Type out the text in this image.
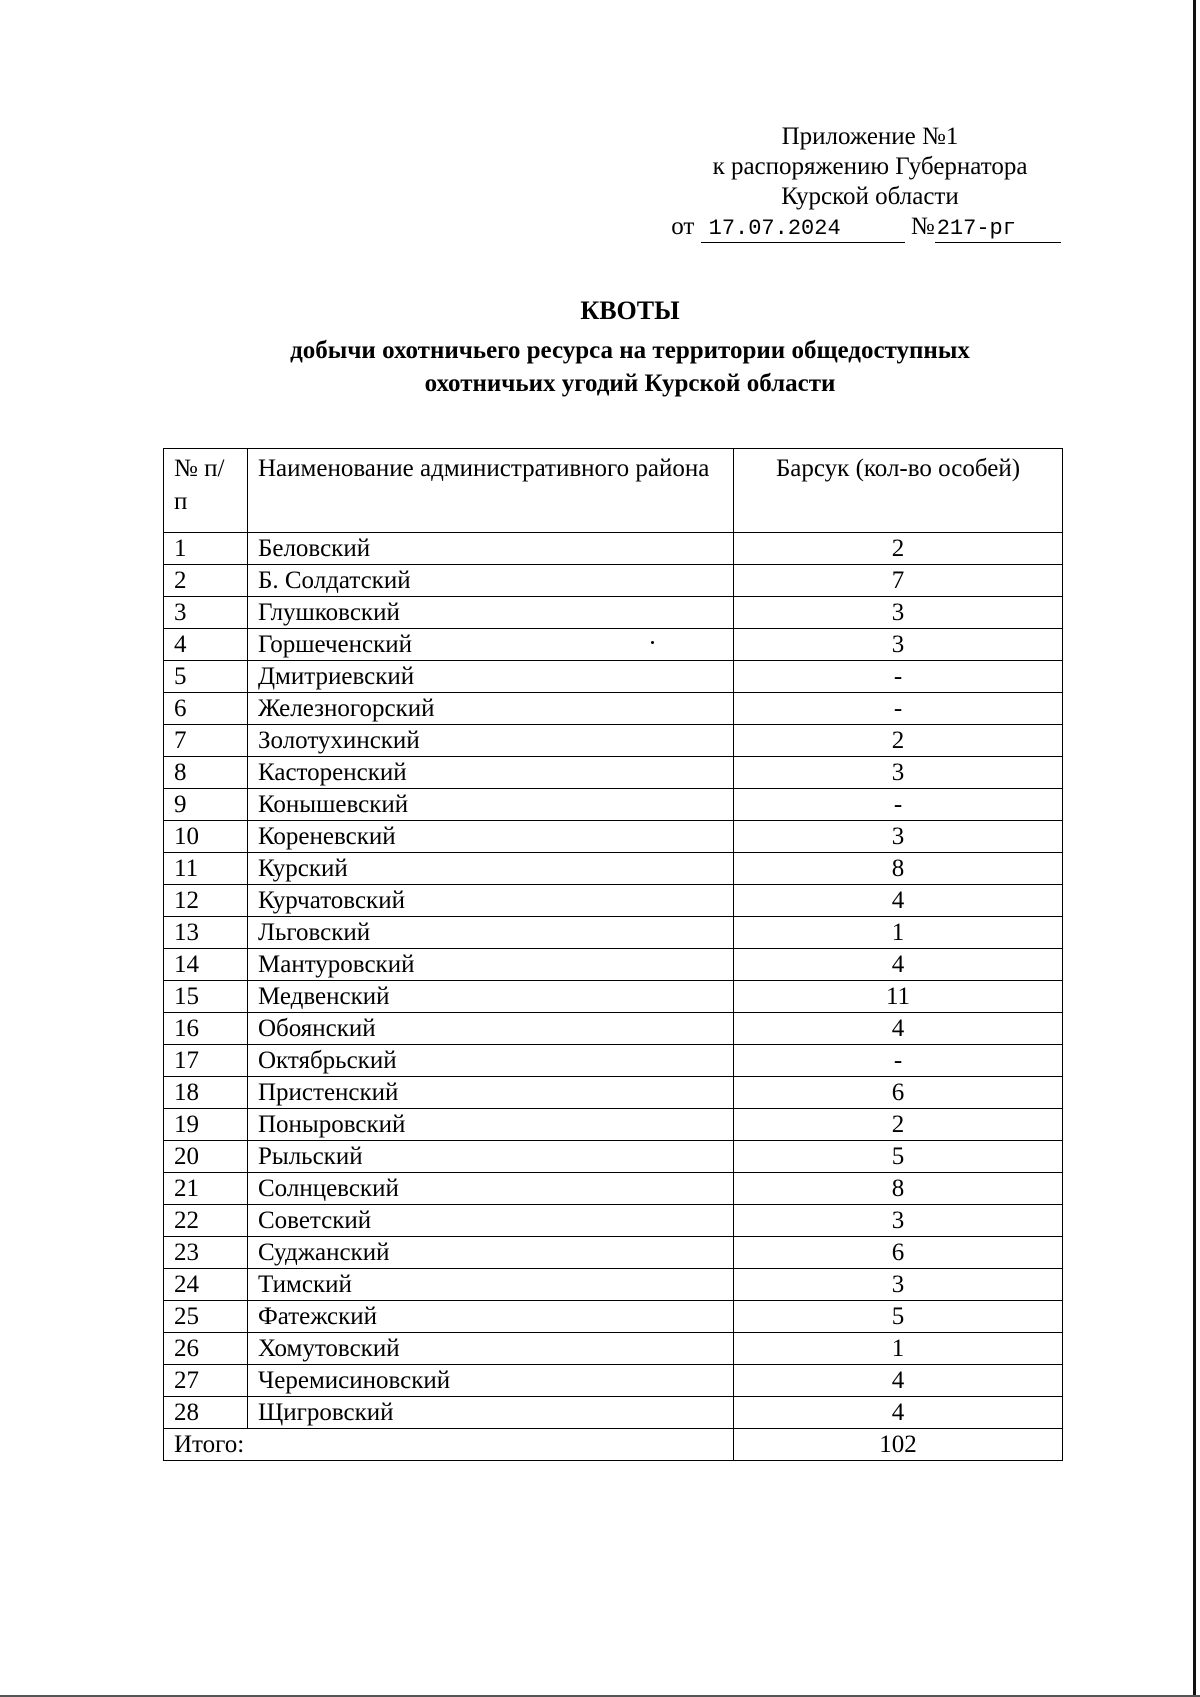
Приложение №1
к распоряжению Губернатора
Курской области
от 17.07.2024	№217-рг
КВОТЫ
добычи охотничьего ресурса на территории общедоступных
охотничьих угодий Курской области
№ п/п	Наименование административного района	Барсук (кол-во особей)
1	Беловский	2
2	Б. Солдатский	7
3	Глушковский	3
4	Горшеченский	3
5	Дмитриевский	-
6	Железногорский	-
7	Золотухинский	2
8	Касторенский	3
9	Конышевский	-
10	Кореневский	3
11	Курский	8
12	Курчатовский	4
13	Льговский	1
14	Мантуровский	4
15	Медвенский	11
16	Обоянский	4
17	Октябрьский	-
18	Пристенский	6
19	Поныровский	2
20	Рыльский	5
21	Солнцевский	8
22	Советский	3
23	Суджанский	6
24	Тимский	3
25	Фатежский	5
26	Хомутовский	1
27	Черемисиновский	4
28	Щигровский	4
Итого:		102
